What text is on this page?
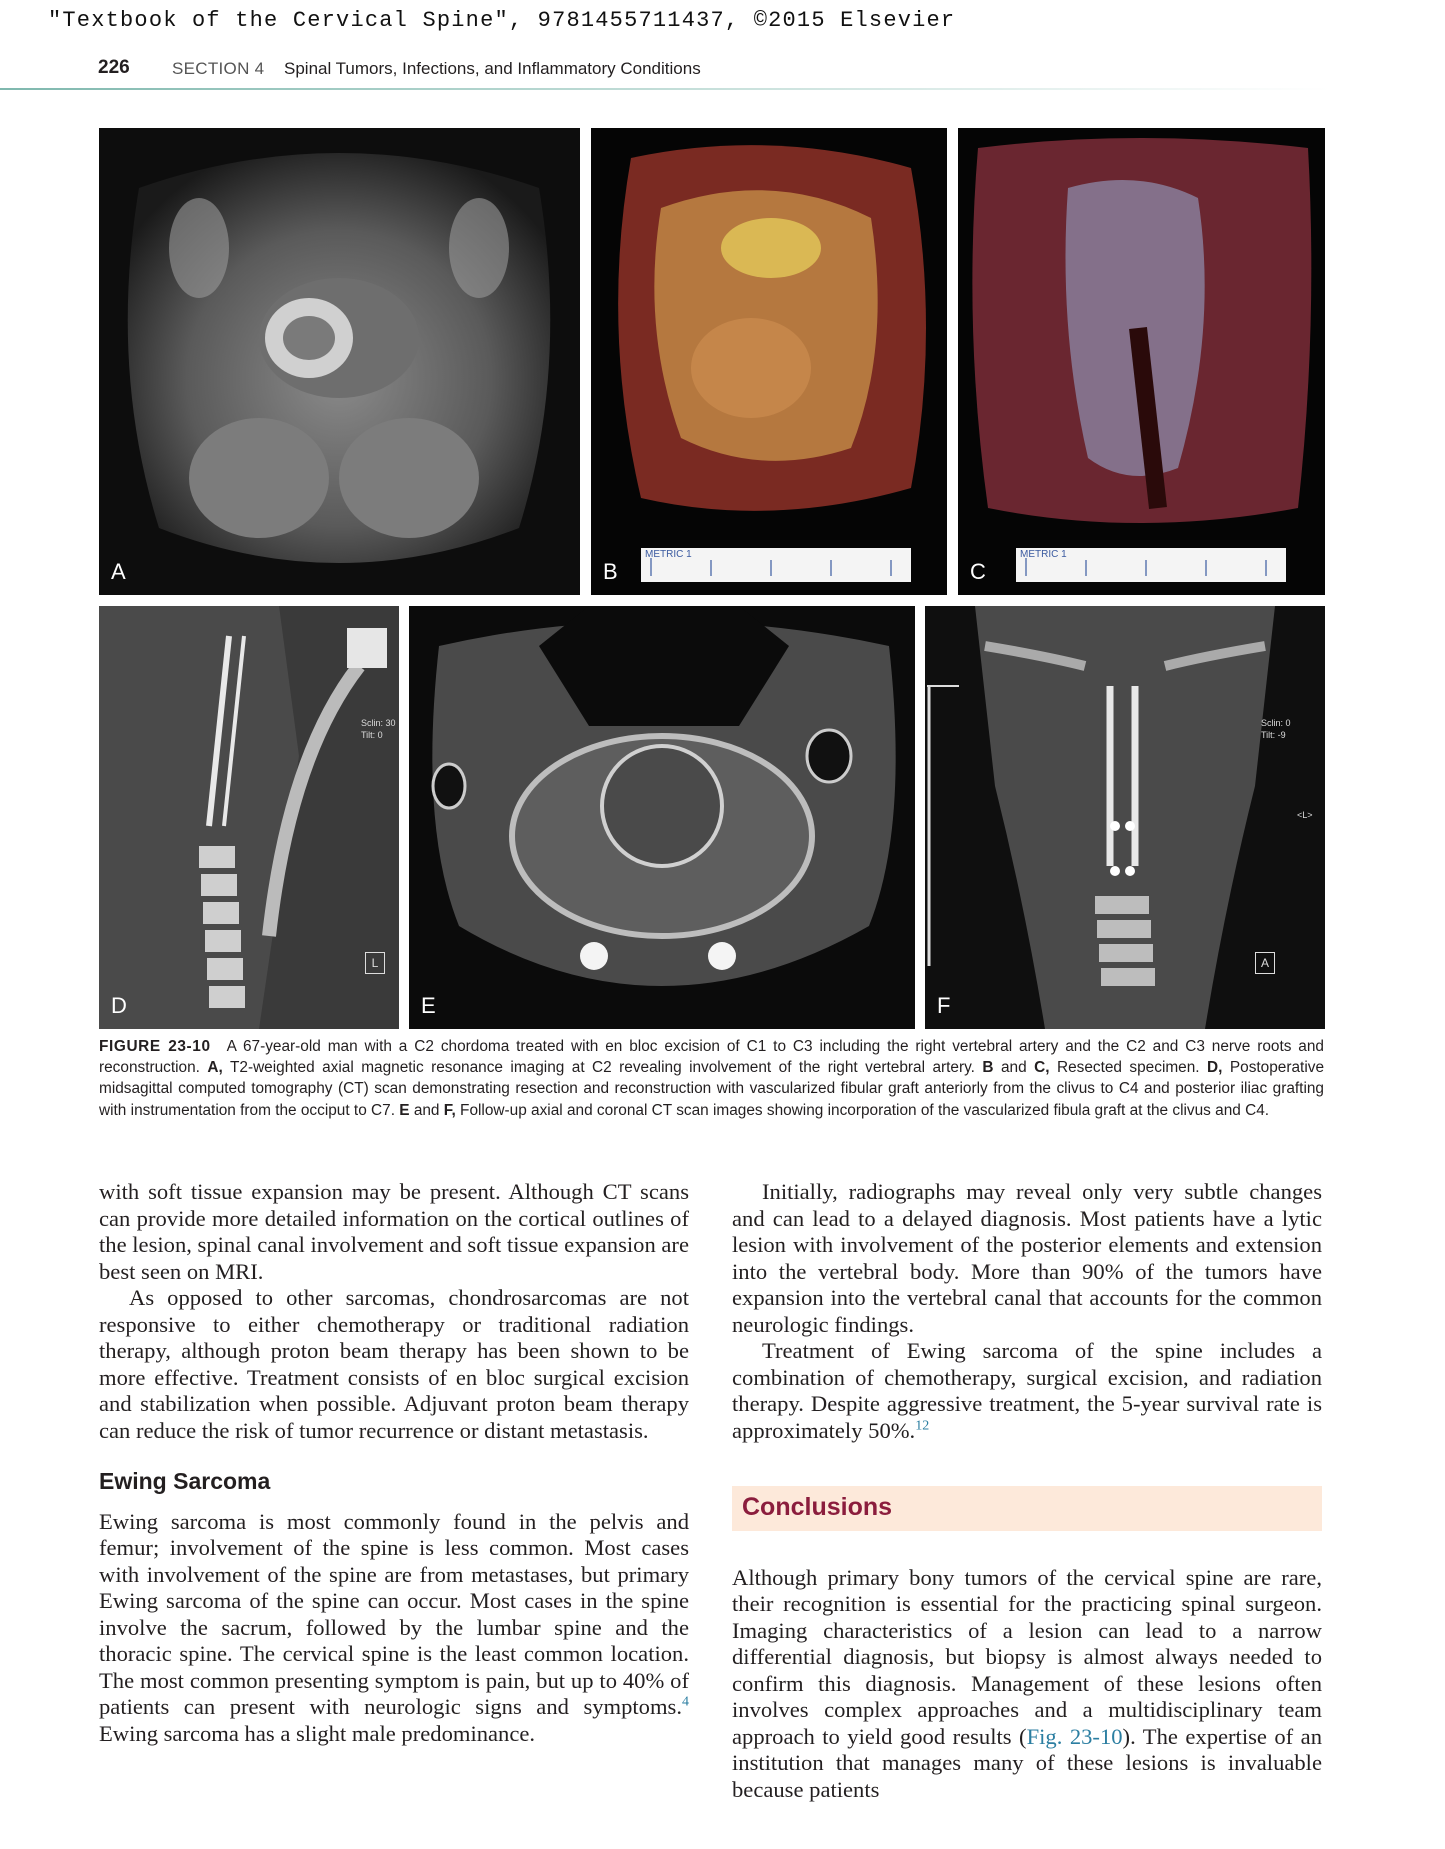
"Textbook of the Cervical Spine", 9781455711437, ©2015 Elsevier
226 SECTION 4 Spinal Tumors, Infections, and Inflammatory Conditions
A
METRIC 1
B
METRIC 1
C
Sclin: 30
Tilt: 0
L
D	E
Sclin: 0
Tilt: -9
<L>
A
F
FIGURE 23-10 A 67-year-old man with a C2 chordoma treated with en bloc excision of C1 to C3 including the right vertebral artery and the C2 and C3 nerve roots and reconstruction. A, T2-weighted axial magnetic resonance imaging at C2 revealing involvement of the right vertebral artery. B and C, Resected specimen. D, Postoperative midsagittal computed tomography (CT) scan demonstrating resection and reconstruction with vascularized fibular graft anteriorly from the clivus to C4 and posterior iliac grafting with instrumentation from the occiput to C7. E and F, Follow-up axial and coronal CT scan images showing incorporation of the vascularized fibula graft at the clivus and C4.

with soft tissue expansion may be present. Although CT scans can provide more detailed information on the cortical outlines of the lesion, spinal canal involvement and soft tissue expansion are best seen on MRI.

As opposed to other sarcomas, chondrosarcomas are not responsive to either chemotherapy or traditional radiation therapy, although proton beam therapy has been shown to be more effective. Treatment consists of en bloc surgical excision and stabilization when possible. Adjuvant proton beam therapy can reduce the risk of tumor recurrence or distant metastasis.

Ewing Sarcoma

Ewing sarcoma is most commonly found in the pelvis and femur; involvement of the spine is less common. Most cases with involvement of the spine are from metastases, but primary Ewing sarcoma of the spine can occur. Most cases in the spine involve the sacrum, followed by the lumbar spine and the thoracic spine. The cervical spine is the least common location. The most common presenting symptom is pain, but up to 40% of patients can present with neurologic signs and symptoms.$^4$ Ewing sarcoma has a slight male predominance.

Initially, radiographs may reveal only very subtle changes and can lead to a delayed diagnosis. Most patients have a lytic lesion with involvement of the posterior elements and extension into the vertebral body. More than 90% of the tumors have expansion into the vertebral canal that accounts for the common neurologic findings.

Treatment of Ewing sarcoma of the spine includes a combination of chemotherapy, surgical excision, and radiation therapy. Despite aggressive treatment, the 5-year survival rate is approximately 50%.$^{12}$

Conclusions

Although primary bony tumors of the cervical spine are rare, their recognition is essential for the practicing spinal surgeon. Imaging characteristics of a lesion can lead to a narrow differential diagnosis, but biopsy is almost always needed to confirm this diagnosis. Management of these lesions often involves complex approaches and a multidisciplinary team approach to yield good results (Fig. 23-10). The expertise of an institution that manages many of these lesions is invaluable because patients
